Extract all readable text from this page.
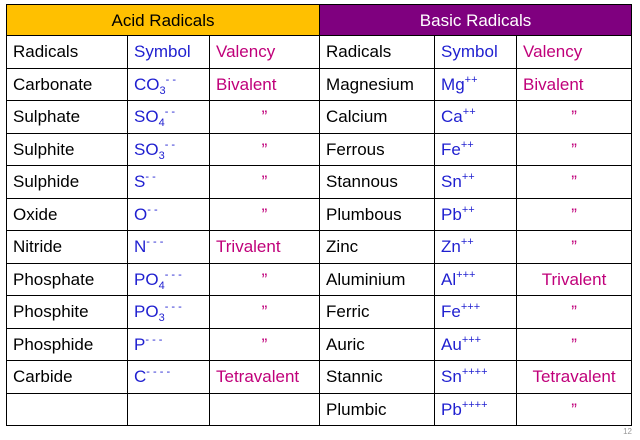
Acid Radicals			Basic Radicals		
Radicals	Symbol	Valency	Radicals	Symbol	Valency
Carbonate	$CO_3^{- -}$	Bivalent	Magnesium	Mg++	Bivalent
Sulphate	$SO_4^{- -}$	”	Calcium	Ca++	”
Sulphite	$SO_3^{- -}$	”	Ferrous	Fe++	”
Sulphide	S- -	”	Stannous	Sn++	”
Oxide	O- -	”	Plumbous	Pb++	”
Nitride	N- - -	Trivalent	Zinc	Zn++	”
Phosphate	$PO_4^{- - -}$	”	Aluminium	Al+++	Trivalent
Phosphite	$PO_3^{- - -}$	”	Ferric	Fe+++	”
Phosphide	P- - -	”	Auric	Au+++	”
Carbide	C- - - -	Tetravalent	Stannic	Sn++++	Tetravalent
			Plumbic	Pb++++	”
12
